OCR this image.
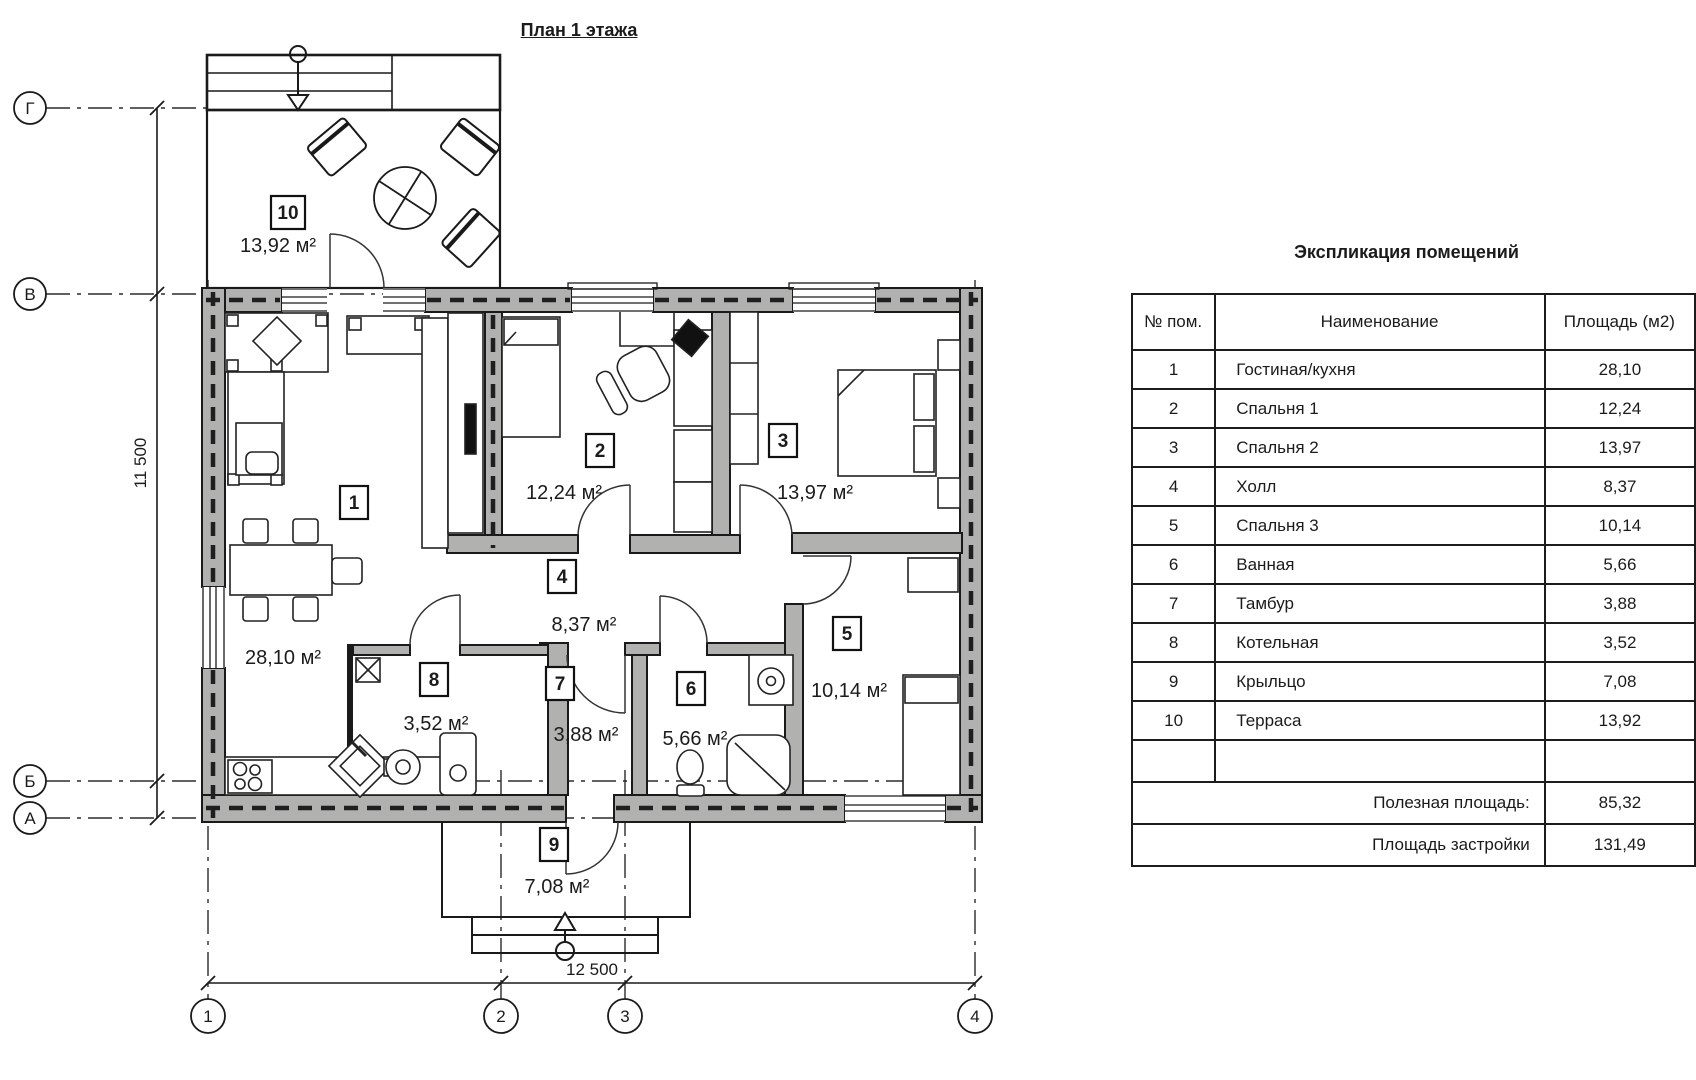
План 1 этажа
11 500
12 500
1
28,10 м²
2
12,24 м²
3
13,97 м²
4
8,37 м²	5
10,14 м²
6
5,66 м²
7
3,88 м²
8
3,52 м²
9
7,08 м²
10
13,92 м²
Г
В
Б
А
1	2	3	4
Экспликация помещений
№ пом.	Наименование	Площадь (м2)
1	Гостиная/кухня	28,10
2	Спальня 1	12,24
3	Спальня 2	13,97
4	Холл	8,37
5	Спальня 3	10,14
6	Ванная	5,66
7	Тамбур	3,88
8	Котельная	3,52
9	Крыльцо	7,08
10	Терраса	13,92

Полезная площадь:		85,32
Площадь застройки		131,49
